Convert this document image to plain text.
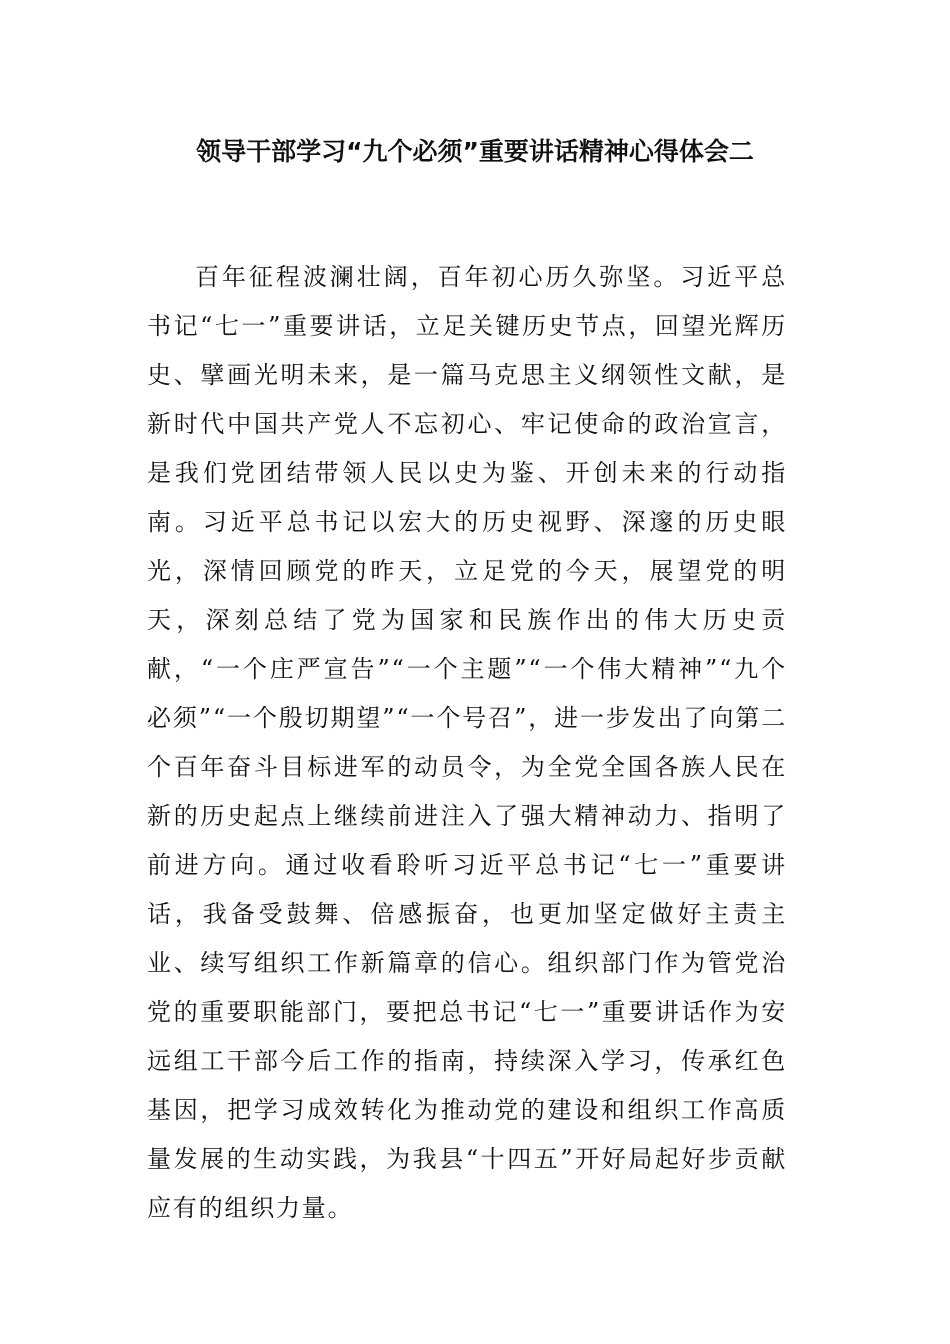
领导干部学习“九个必须”重要讲话精神心得体会二

百年征程波澜壮阔，百年初心历久弥坚。习近平总书记“七一”重要讲话，立足关键历史节点，回望光辉历史、擘画光明未来，是一篇马克思主义纲领性文献，是新时代中国共产党人不忘初心、牢记使命的政治宣言，是我们党团结带领人民以史为鉴、开创未来的行动指南。习近平总书记以宏大的历史视野、深邃的历史眼光，深情回顾党的昨天，立足党的今天，展望党的明天，深刻总结了党为国家和民族作出的伟大历史贡献，“一个庄严宣告”“一个主题”“一个伟大精神”“九个必须”“一个殷切期望”“一个号召”，进一步发出了向第二个百年奋斗目标进军的动员令，为全党全国各族人民在新的历史起点上继续前进注入了强大精神动力、指明了前进方向。通过收看聆听习近平总书记“七一”重要讲话，我备受鼓舞、倍感振奋，也更加坚定做好主责主业、续写组织工作新篇章的信心。组织部门作为管党治党的重要职能部门，要把总书记“七一”重要讲话作为安远组工干部今后工作的指南，持续深入学习，传承红色基因，把学习成效转化为推动党的建设和组织工作高质量发展的生动实践，为我县“十四五”开好局起好步贡献应有的组织力量。
